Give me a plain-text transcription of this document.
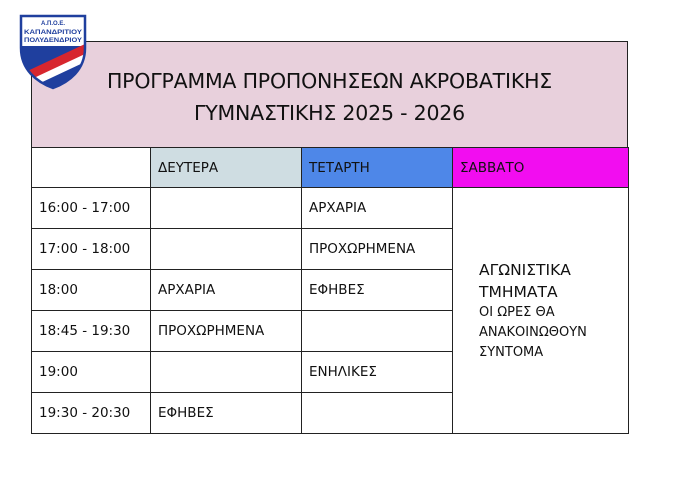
Α.Π.Ο.Ε.
ΚΑΠΑΝΔΡΙΤΙΟΥ
ΠΟΛΥΔΕΝΔΡΙΟΥ
ΠΡΟΓΡΑΜΜΑ ΠΡΟΠΟΝΗΣΕΩΝ ΑΚΡΟΒΑΤΙΚΗΣ
ΓΥΜΝΑΣΤΙΚΗΣ 2025 - 2026
	ΔΕΥΤΕΡΑ	ΤΕΤΑΡΤΗ	ΣΑΒΒΑΤΟ
16:00 - 17:00		ΑΡΧΑΡΙΑ	ΑΓΩΝΙΣΤΙΚΑ
ΤΜΗΜΑΤΑ
ΟΙ ΩΡΕΣ ΘΑ
ΑΝΑΚΟΙΝΩΘΟΥΝ
ΣΥΝΤΟΜΑ

17:00 - 18:00		ΠΡΟΧΩΡΗΜΕΝΑ	
18:00	ΑΡΧΑΡΙΑ	ΕΦΗΒΕΣ	
18:45 - 19:30	ΠΡΟΧΩΡΗΜΕΝΑ		
19:00		ΕΝΗΛΙΚΕΣ	
19:30 - 20:30	ΕΦΗΒΕΣ		
